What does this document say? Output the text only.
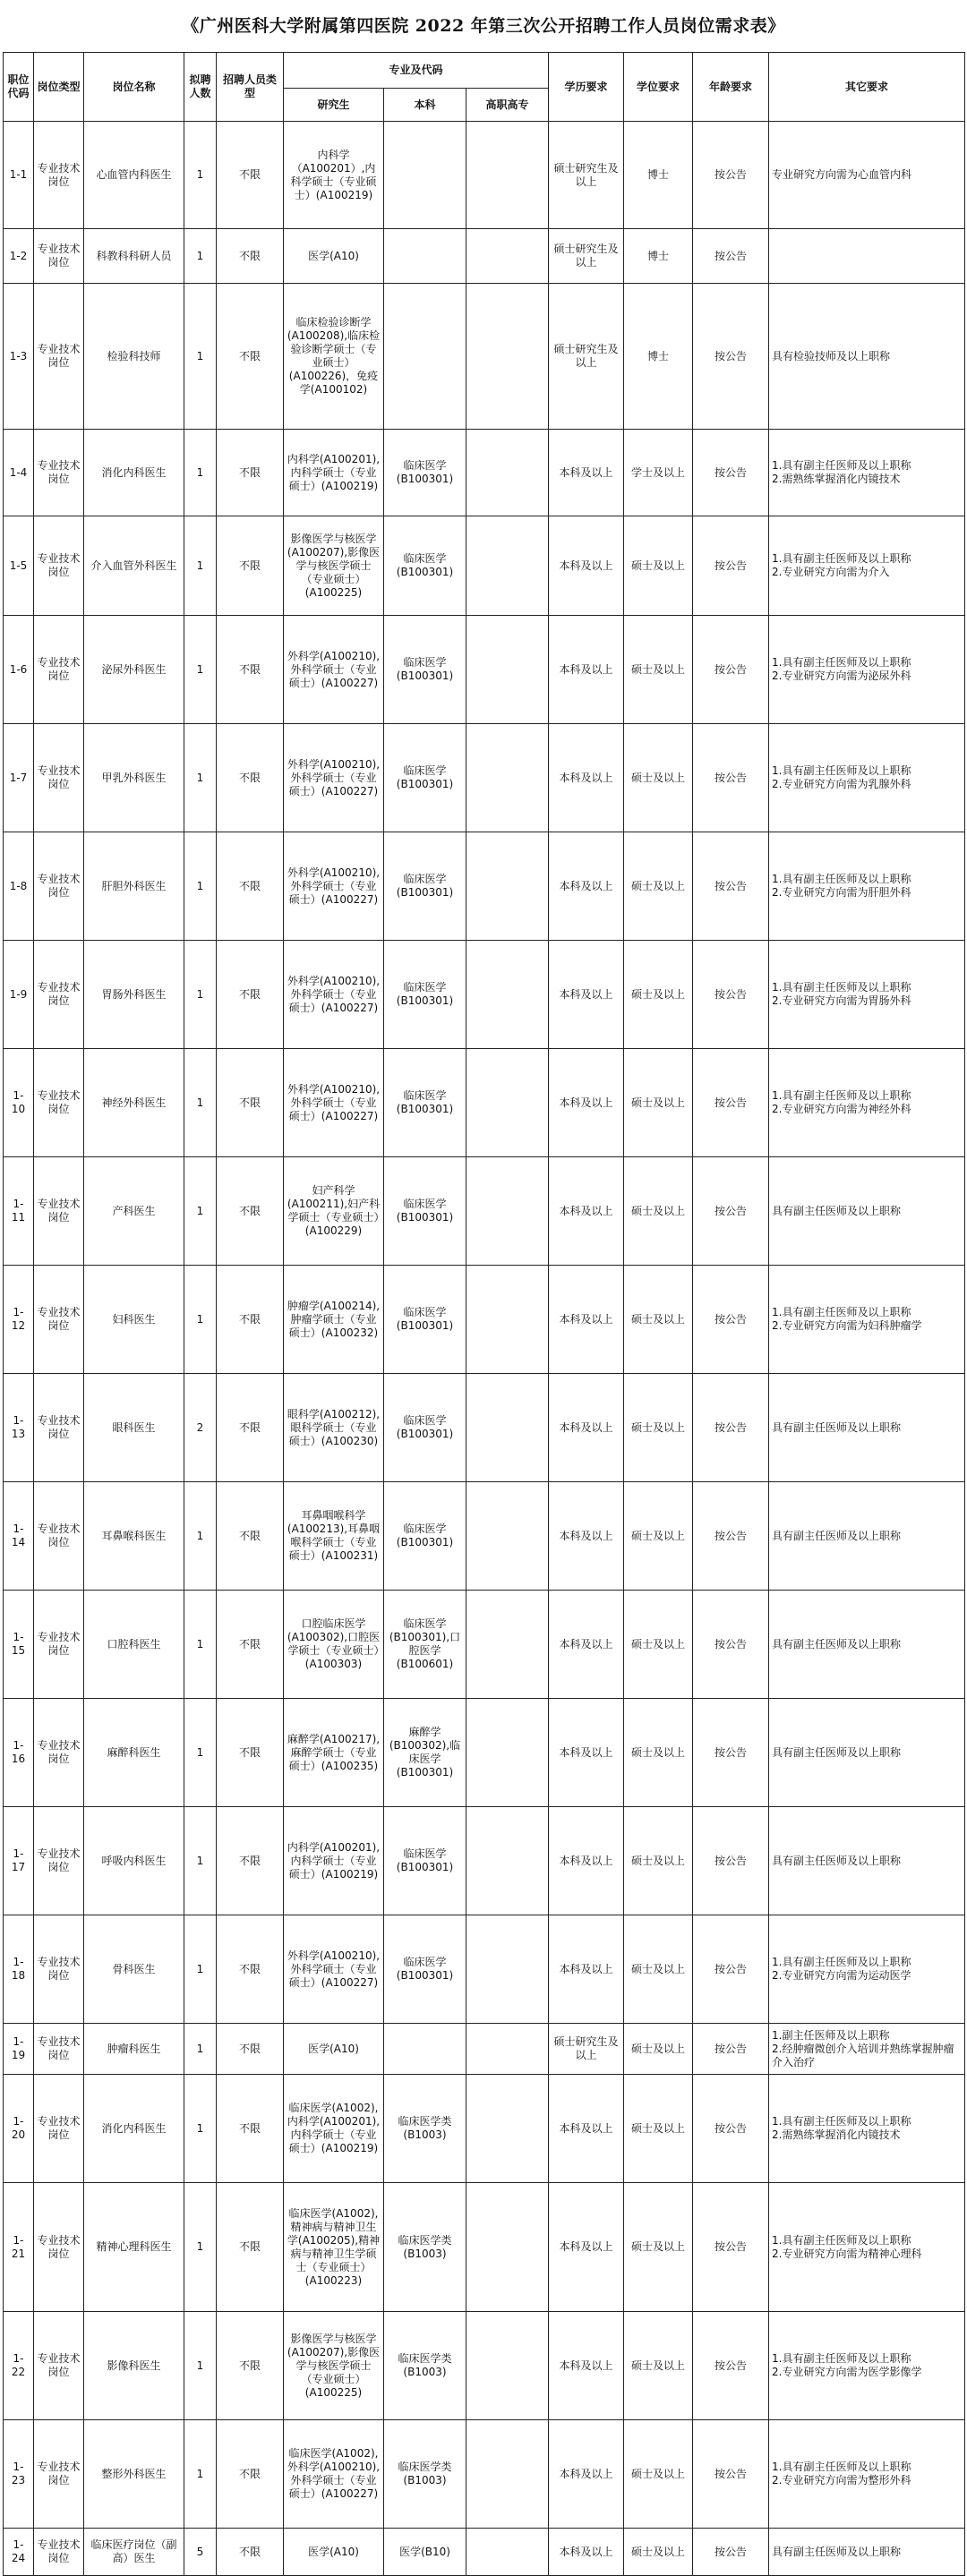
《广州医科大学附属第四医院 2022 年第三次公开招聘工作人员岗位需求表》
职位代码	岗位类型	岗位名称	拟聘人数	招聘人员类型	专业及代码			学历要求	学位要求	年龄要求	其它要求
					研究生	本科	高职高专				
1-1	专业技术岗位	心血管内科医生	1	不限	内科学（A100201）,内科学硕士（专业硕士）(A100219)			硕士研究生及以上	博士	按公告	专业研究方向需为心血管内科
1-2	专业技术岗位	科教科科研人员	1	不限	医学(A10)			硕士研究生及以上	博士	按公告	
1-3	专业技术岗位	检验科技师	1	不限	临床检验诊断学(A100208),临床检验诊断学硕士（专业硕士）(A100226)，免疫学(A100102)			硕士研究生及以上	博士	按公告	具有检验技师及以上职称
1-4	专业技术岗位	消化内科医生	1	不限	内科学(A100201),内科学硕士（专业硕士）(A100219)	临床医学(B100301)		本科及以上	学士及以上	按公告	1.具有副主任医师及以上职称
2.需熟练掌握消化内镜技术
1-5	专业技术岗位	介入血管外科医生	1	不限	影像医学与核医学(A100207),影像医学与核医学硕士（专业硕士）(A100225)	临床医学(B100301)		本科及以上	硕士及以上	按公告	1.具有副主任医师及以上职称
2.专业研究方向需为介入
1-6	专业技术岗位	泌尿外科医生	1	不限	外科学(A100210),外科学硕士（专业硕士）(A100227)	临床医学(B100301)		本科及以上	硕士及以上	按公告	1.具有副主任医师及以上职称
2.专业研究方向需为泌尿外科
1-7	专业技术岗位	甲乳外科医生	1	不限	外科学(A100210),外科学硕士（专业硕士）(A100227)	临床医学(B100301)		本科及以上	硕士及以上	按公告	1.具有副主任医师及以上职称
2.专业研究方向需为乳腺外科
1-8	专业技术岗位	肝胆外科医生	1	不限	外科学(A100210),外科学硕士（专业硕士）(A100227)	临床医学(B100301)		本科及以上	硕士及以上	按公告	1.具有副主任医师及以上职称
2.专业研究方向需为肝胆外科
1-9	专业技术岗位	胃肠外科医生	1	不限	外科学(A100210),外科学硕士（专业硕士）(A100227)	临床医学(B100301)		本科及以上	硕士及以上	按公告	1.具有副主任医师及以上职称
2.专业研究方向需为胃肠外科
1-10	专业技术岗位	神经外科医生	1	不限	外科学(A100210),外科学硕士（专业硕士）(A100227)	临床医学(B100301)		本科及以上	硕士及以上	按公告	1.具有副主任医师及以上职称
2.专业研究方向需为神经外科
1-11	专业技术岗位	产科医生	1	不限	妇产科学(A100211),妇产科学硕士（专业硕士）(A100229)	临床医学(B100301)		本科及以上	硕士及以上	按公告	具有副主任医师及以上职称
1-12	专业技术岗位	妇科医生	1	不限	肿瘤学(A100214),肿瘤学硕士（专业硕士）(A100232)	临床医学(B100301)		本科及以上	硕士及以上	按公告	1.具有副主任医师及以上职称
2.专业研究方向需为妇科肿瘤学
1-13	专业技术岗位	眼科医生	2	不限	眼科学(A100212),眼科学硕士（专业硕士）(A100230)	临床医学(B100301)		本科及以上	硕士及以上	按公告	具有副主任医师及以上职称
1-14	专业技术岗位	耳鼻喉科医生	1	不限	耳鼻咽喉科学(A100213),耳鼻咽喉科学硕士（专业硕士）(A100231)	临床医学(B100301)		本科及以上	硕士及以上	按公告	具有副主任医师及以上职称
1-15	专业技术岗位	口腔科医生	1	不限	口腔临床医学(A100302),口腔医学硕士（专业硕士）(A100303)	临床医学(B100301),口腔医学(B100601)		本科及以上	硕士及以上	按公告	具有副主任医师及以上职称
1-16	专业技术岗位	麻醉科医生	1	不限	麻醉学(A100217),麻醉学硕士（专业硕士）(A100235)	麻醉学(B100302),临床医学(B100301)		本科及以上	硕士及以上	按公告	具有副主任医师及以上职称
1-17	专业技术岗位	呼吸内科医生	1	不限	内科学(A100201),内科学硕士（专业硕士）(A100219)	临床医学(B100301)		本科及以上	硕士及以上	按公告	具有副主任医师及以上职称
1-18	专业技术岗位	骨科医生	1	不限	外科学(A100210),外科学硕士（专业硕士）(A100227)	临床医学(B100301)		本科及以上	硕士及以上	按公告	1.具有副主任医师及以上职称
2.专业研究方向需为运动医学
1-19	专业技术岗位	肿瘤科医生	1	不限	医学(A10)			硕士研究生及以上	硕士及以上	按公告	1.副主任医师及以上职称
2.经肿瘤微创介入培训并熟练掌握肿瘤介入治疗
1-20	专业技术岗位	消化内科医生	1	不限	临床医学(A1002),内科学(A100201),内科学硕士（专业硕士）(A100219)	临床医学类(B1003)		本科及以上	硕士及以上	按公告	1.具有副主任医师及以上职称
2.需熟练掌握消化内镜技术
1-21	专业技术岗位	精神心理科医生	1	不限	临床医学(A1002),精神病与精神卫生学(A100205),精神病与精神卫生学硕士（专业硕士）(A100223)	临床医学类(B1003)		本科及以上	硕士及以上	按公告	1.具有副主任医师及以上职称
2.专业研究方向需为精神心理科
1-22	专业技术岗位	影像科医生	1	不限	影像医学与核医学(A100207),影像医学与核医学硕士（专业硕士）(A100225)	临床医学类(B1003)		本科及以上	硕士及以上	按公告	1.具有副主任医师及以上职称
2.专业研究方向需为医学影像学
1-23	专业技术岗位	整形外科医生	1	不限	临床医学(A1002),外科学(A100210),外科学硕士（专业硕士）(A100227)	临床医学类(B1003)		本科及以上	硕士及以上	按公告	1.具有副主任医师及以上职称
2.专业研究方向需为整形外科
1-24	专业技术岗位	临床医疗岗位（副高）医生	5	不限	医学(A10)	医学(B10)		本科及以上	硕士及以上	按公告	具有副主任医师及以上职称
